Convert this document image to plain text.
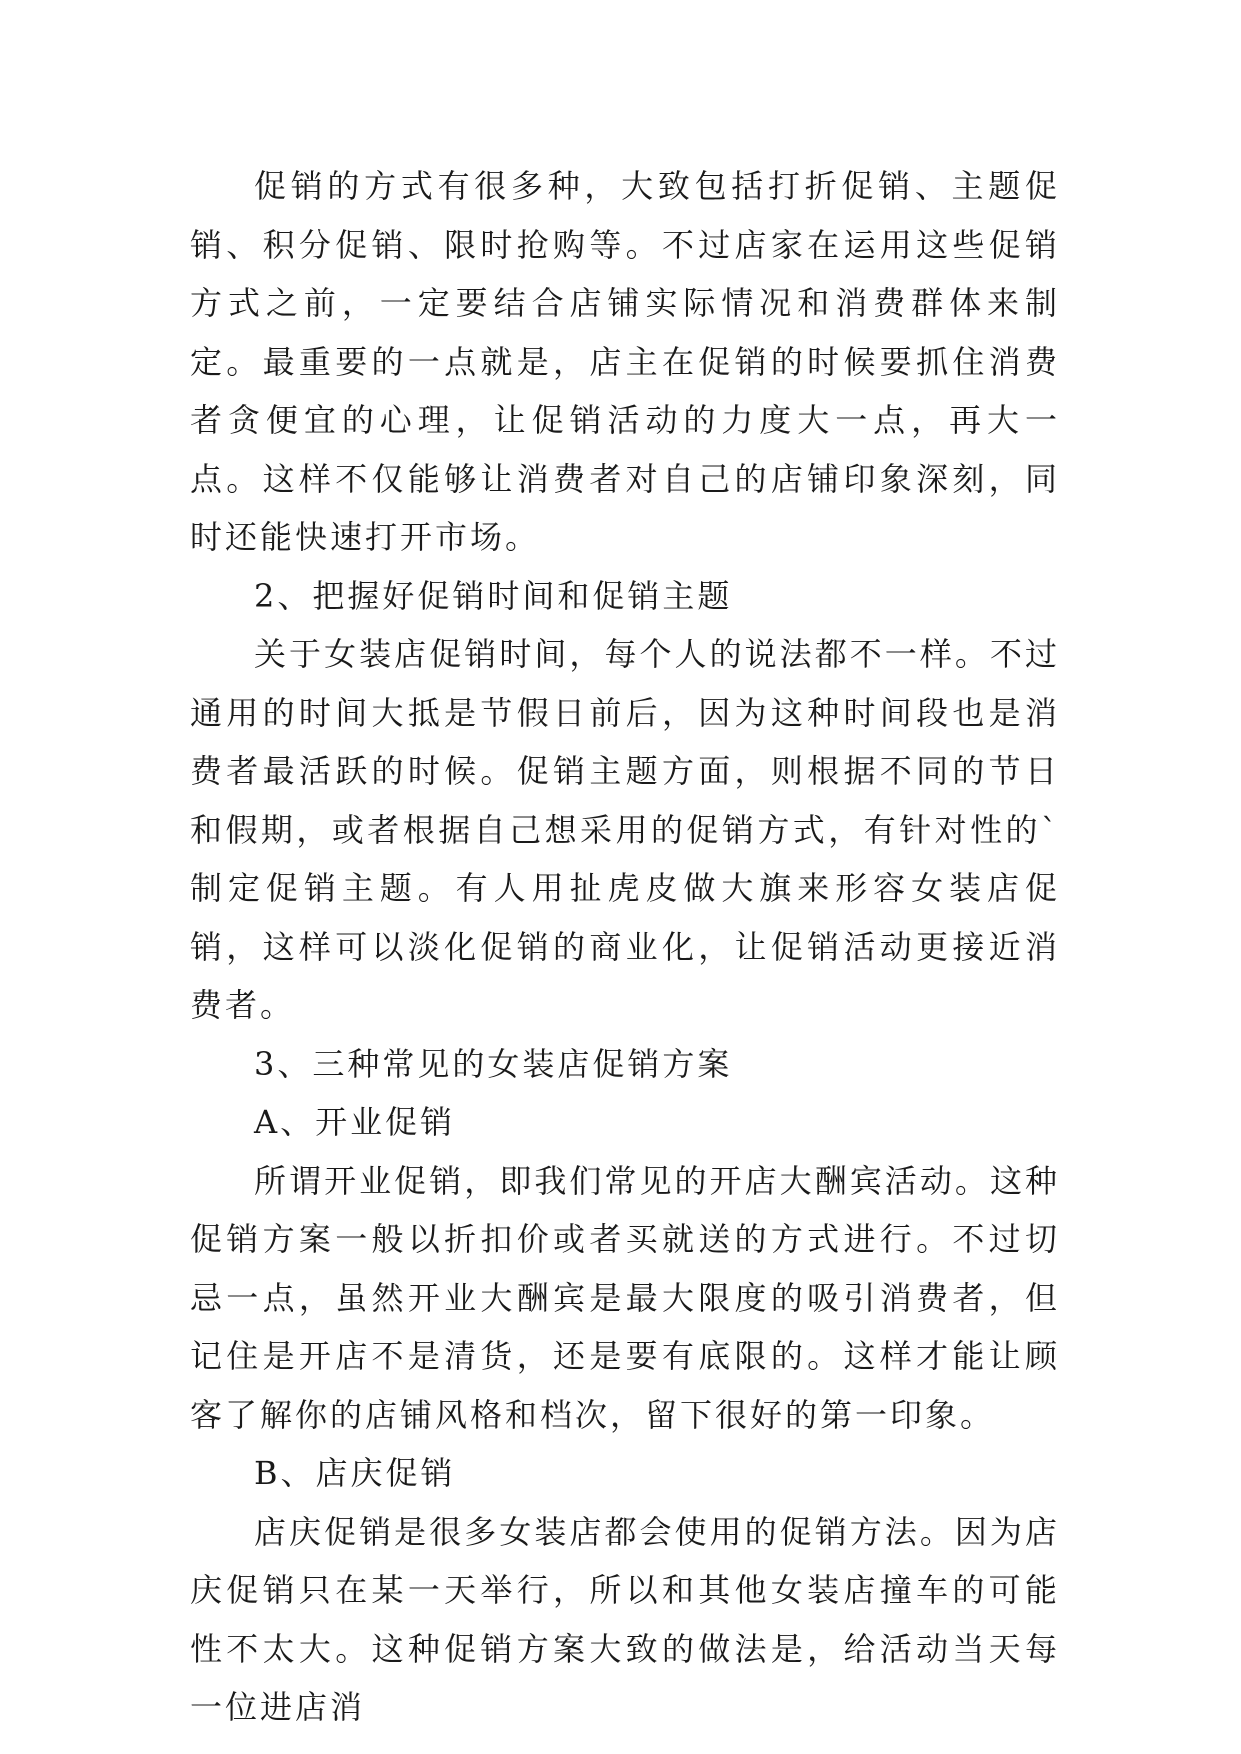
促销的方式有很多种，大致包括打折促销、主题促销、积分促销、限时抢购等。不过店家在运用这些促销方式之前，一定要结合店铺实际情况和消费群体来制定。最重要的一点就是，店主在促销的时候要抓住消费者贪便宜的心理，让促销活动的力度大一点，再大一点。这样不仅能够让消费者对自己的店铺印象深刻，同时还能快速打开市场。

2、把握好促销时间和促销主题

关于女装店促销时间，每个人的说法都不一样。不过通用的时间大抵是节假日前后，因为这种时间段也是消费者最活跃的时候。促销主题方面，则根据不同的节日和假期，或者根据自己想采用的促销方式，有针对性的`制定促销主题。有人用扯虎皮做大旗来形容女装店促销，这样可以淡化促销的商业化，让促销活动更接近消费者。

3、三种常见的女装店促销方案

A、开业促销

所谓开业促销，即我们常见的开店大酬宾活动。这种促销方案一般以折扣价或者买就送的方式进行。不过切忌一点，虽然开业大酬宾是最大限度的吸引消费者，但记住是开店不是清货，还是要有底限的。这样才能让顾客了解你的店铺风格和档次，留下很好的第一印象。

B、店庆促销

店庆促销是很多女装店都会使用的促销方法。因为店庆促销只在某一天举行，所以和其他女装店撞车的可能性不太大。这种促销方案大致的做法是，给活动当天每一位进店消
